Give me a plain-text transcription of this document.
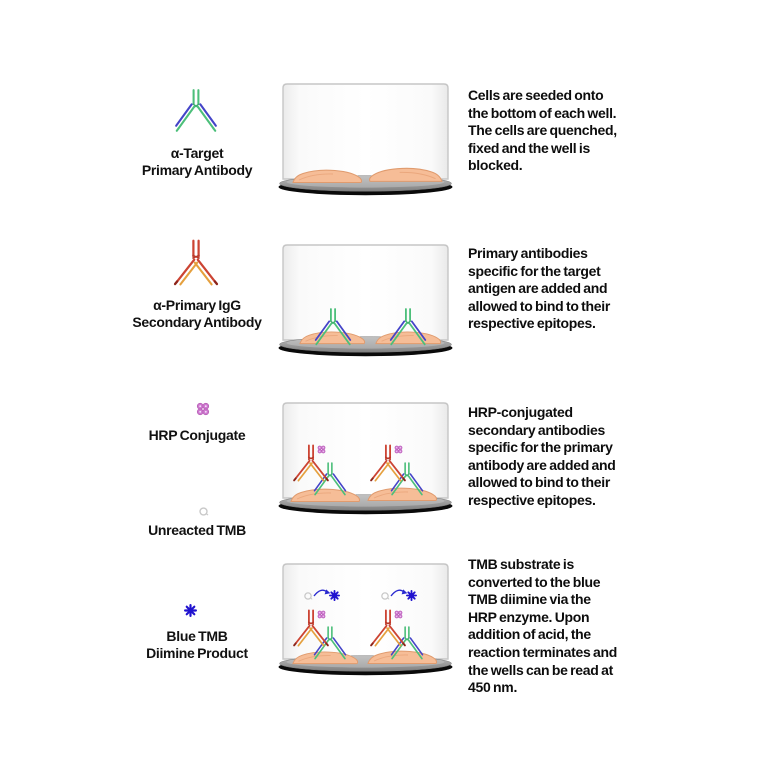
α-Target
Primary Antibody
α-Primary IgG
Secondary Antibody
HRP Conjugate
Unreacted TMB
Blue TMB
Diimine Product
Cells are seeded onto
the bottom of each well.
The cells are quenched,
fixed and the well is
blocked.
Primary antibodies
specific for the target
antigen are added and
allowed to bind to their
respective epitopes.
HRP-conjugated
secondary antibodies
specific for the primary
antibody are added and
allowed to bind to their
respective epitopes.
TMB substrate is
converted to the blue
TMB diimine via the
HRP enzyme. Upon
addition of acid, the
reaction terminates and
the wells can be read at
450 nm.
